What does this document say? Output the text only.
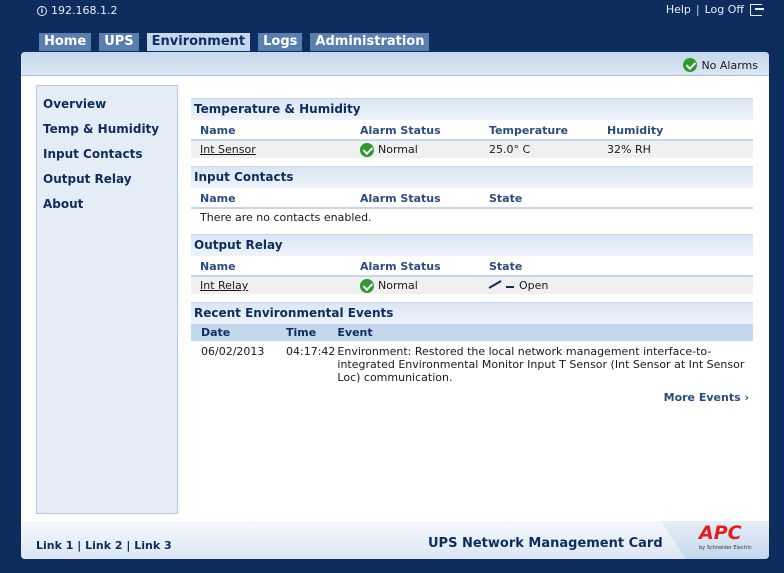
i 192.168.1.2	Help | Log Off
Home	UPS	Environment	Logs	Administration
No Alarms
Overview
Temp & Humidity
Input Contacts
Output Relay
About
Temperature & Humidity
Name	Alarm Status	Temperature	Humidity
Int Sensor	Normal	25.0° C	32% RH
Input Contacts
Name	Alarm Status	State
There are no contacts enabled.
Output Relay
Name	Alarm Status	State
Int Relay	Normal	Open
Recent Environmental Events
Date	Time	Event
06/02/2013	04:17:42	Environment: Restored the local network management interface-to-integrated Environmental Monitor Input T Sensor (Int Sensor at Int Sensor Loc) communication.
More Events ›
Link 1 | Link 2 | Link 3	UPS Network Management Card APC
by Schneider Electric
